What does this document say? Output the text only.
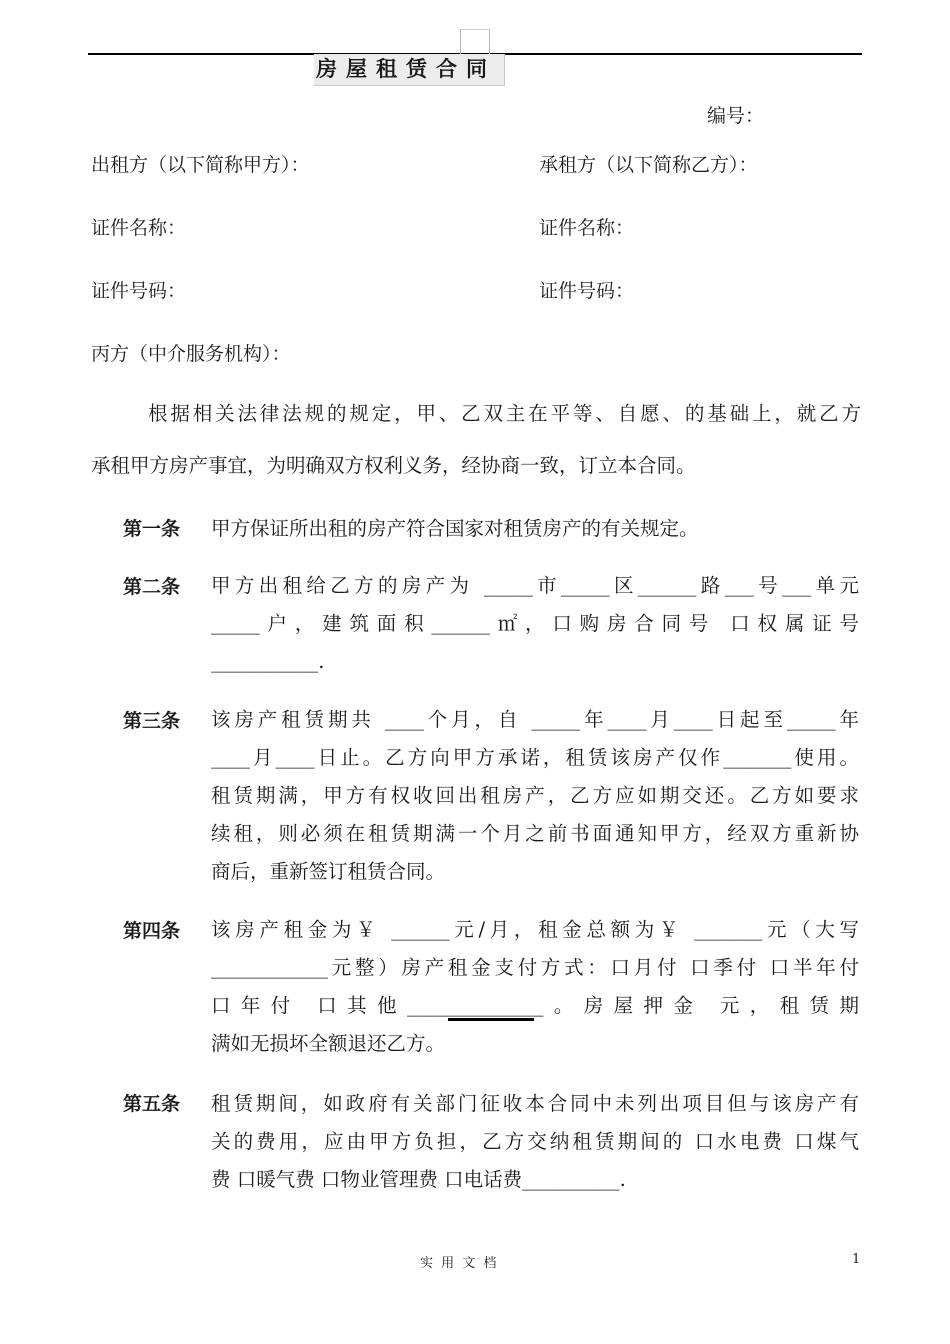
房屋租赁合同
编号：
出租方（以下简称甲方）：	承租方（以下简称乙方）：
证件名称：	证件名称：
证件号码：	证件号码：
丙方（中介服务机构）：
根据相关法律法规的规定，甲、乙双主在平等、自愿、的基础上，就乙方
承租甲方房产事宜，为明确双方权利义务，经协商一致，订立本合同。
第一条 甲方保证所出租的房产符合国家对租赁房产的有关规定。
第二条 甲方出租给乙方的房产为 _____市_____区______路___号___单元
_____户，建筑面积______㎡，口购房合同号 口权属证号
___________.
第三条 该房产租赁期共 ____个月，自 _____年____月____日起至_____年
____月____日止。乙方向甲方承诺，租赁该房产仅作_______使用。
租赁期满，甲方有权收回出租房产，乙方应如期交还。乙方如要求
续租，则必须在租赁期满一个月之前书面通知甲方，经双方重新协
商后，重新签订租赁合同。
第四条 该房产租金为￥ ______元/月，租金总额为￥ _______元（大写
____________元整）房产租金支付方式：口月付 口季付 口半年付
口年付 口其他______________。房屋押金 元，租赁期
满如无损坏全额退还乙方。
第五条 租赁期间，如政府有关部门征收本合同中未列出项目但与该房产有
关的费用，应由甲方负担，乙方交纳租赁期间的 口水电费 口煤气
费 口暖气费 口物业管理费 口电话费__________.
实 用 文 档	1
